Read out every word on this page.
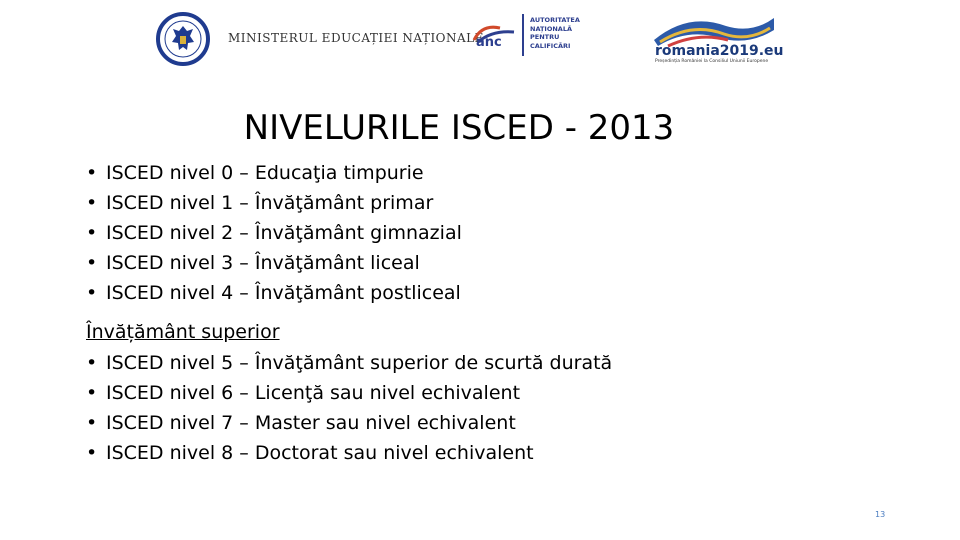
MINISTERUL EDUCAȚIEI NAȚIONALE
anc
AUTORITATEA
NAȚIONALĂ
PENTRU
CALIFICĂRI	romania2019.eu
Președinția României la Consiliul Uniunii Europene
NIVELURILE ISCED - 2013
• ISCED nivel 0 – Educaţia timpurie
• ISCED nivel 1 – Învăţământ primar
• ISCED nivel 2 – Învăţământ gimnazial
• ISCED nivel 3 – Învăţământ liceal
• ISCED nivel 4 – Învăţământ postliceal
Învățământ superior
• ISCED nivel 5 – Învăţământ superior de scurtă durată
• ISCED nivel 6 – Licenţă sau nivel echivalent
• ISCED nivel 7 – Master sau nivel echivalent
• ISCED nivel 8 – Doctorat sau nivel echivalent
13
